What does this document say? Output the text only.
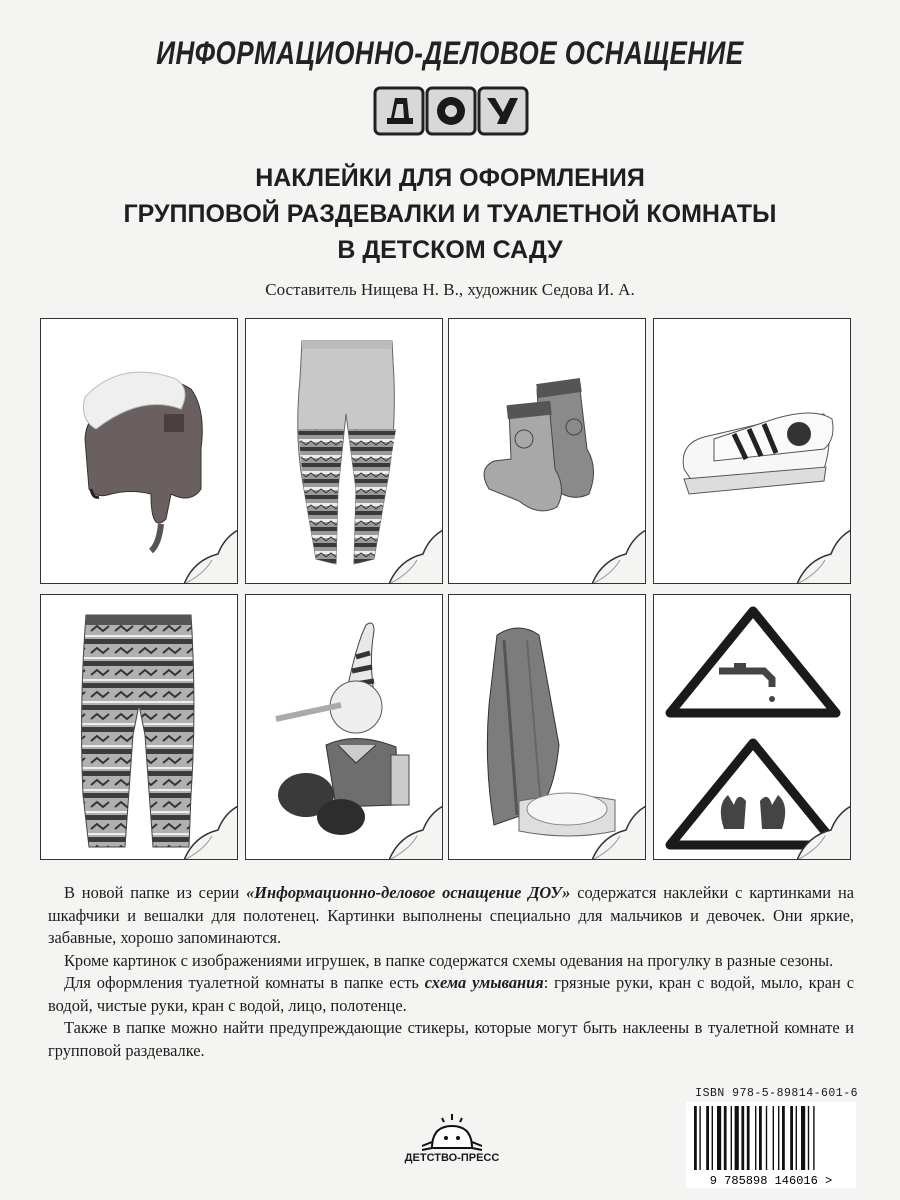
ИНФОРМАЦИОННО-ДЕЛОВОЕ ОСНАЩЕНИЕ
НАКЛЕЙКИ ДЛЯ ОФОРМЛЕНИЯ
ГРУППОВОЙ РАЗДЕВАЛКИ И ТУАЛЕТНОЙ КОМНАТЫ
В ДЕТСКОМ САДУ
Составитель Нищева Н. В., художник Седова И. А.

В новой папке из серии «Информационно-деловое оснащение ДОУ» содержатся наклейки с картинками на шкафчики и вешалки для полотенец. Картинки выполнены специально для мальчиков и девочек. Они яркие, забавные, хорошо запоминаются.

Кроме картинок с изображениями игрушек, в папке содержатся схемы одевания на прогулку в разные сезоны.

Для оформления туалетной комнаты в папке есть схема умывания: грязные руки, кран с водой, мыло, кран с водой, чистые руки, кран с водой, лицо, полотенце.

Также в папке можно найти предупреждающие стикеры, которые могут быть наклеены в туалетной комнате и групповой раздевалке.

ДЕТСТВО-ПРЕСС
ISBN 978-5-89814-601-6
9 785898 146016 >
